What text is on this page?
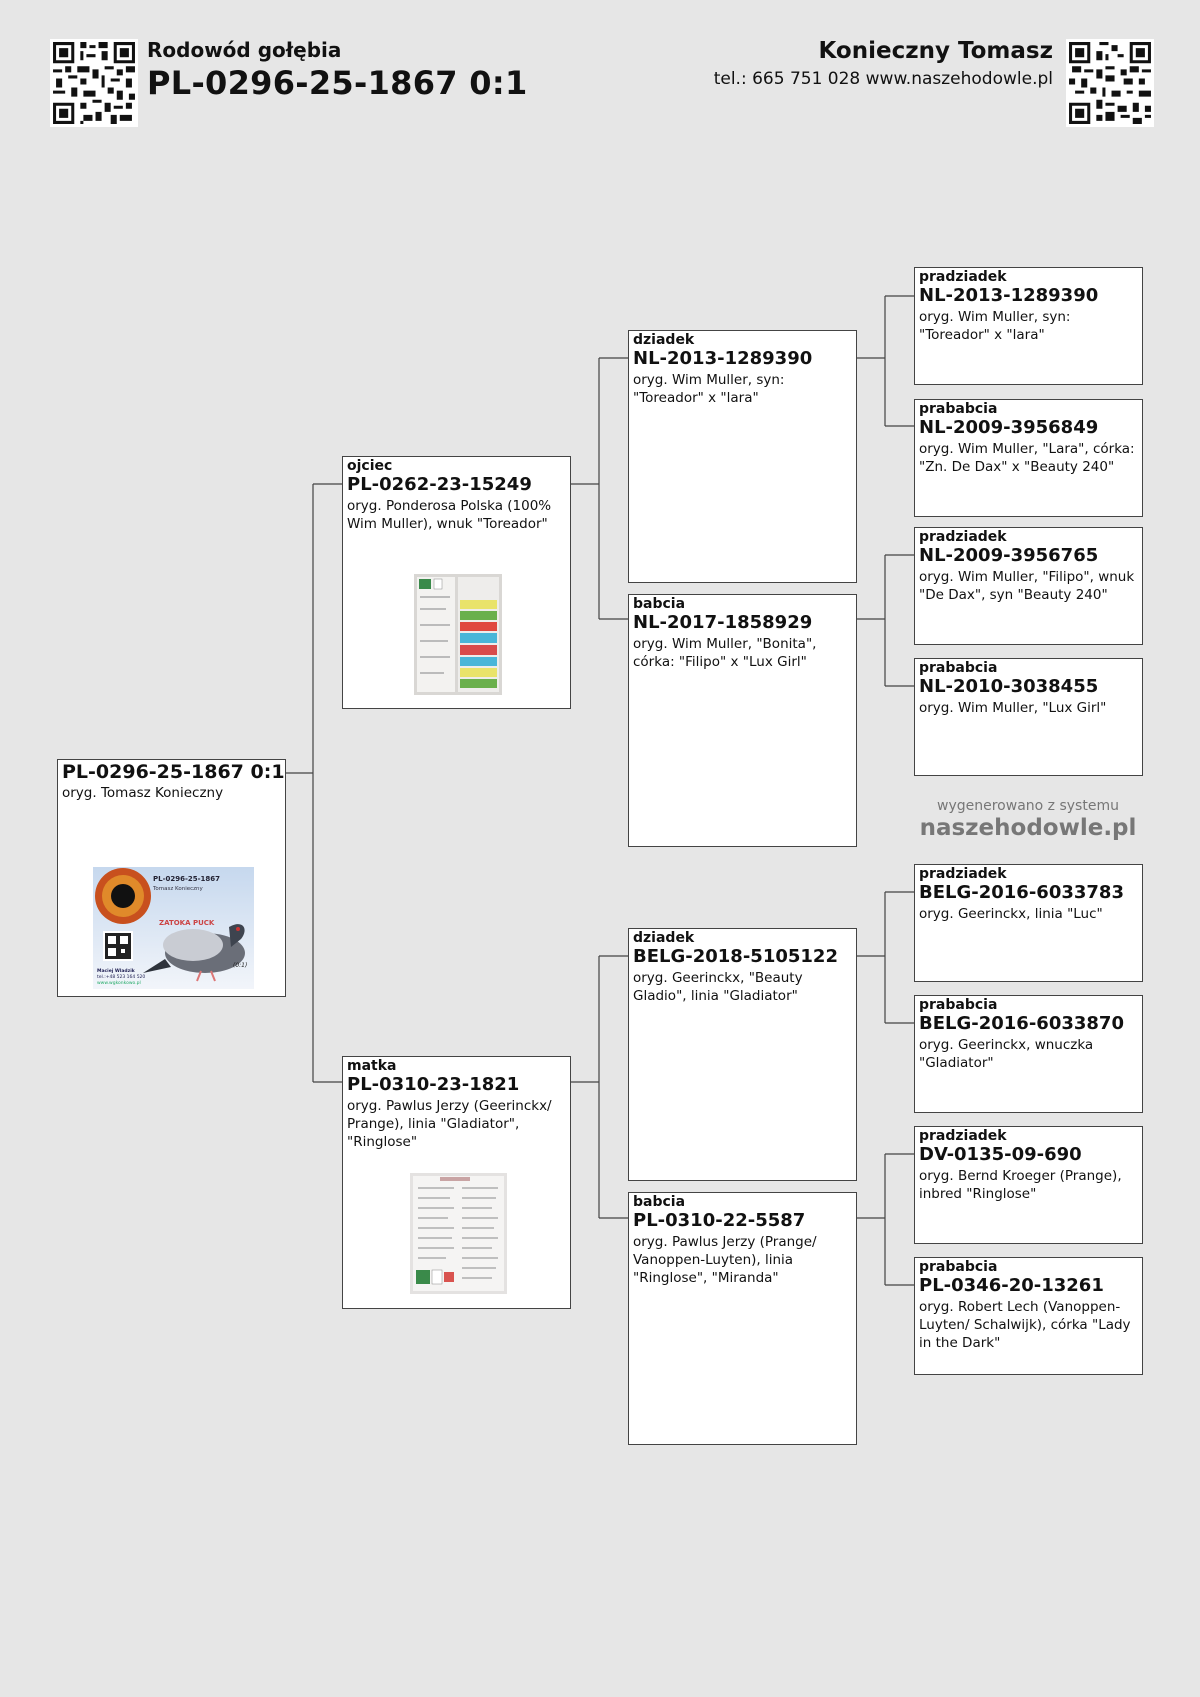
Rodowód gołębia
PL-0296-25-1867 0:1
Konieczny Tomasz
tel.: 665 751 028 www.naszehodowle.pl
PL-0296-25-1867 0:1
oryg. Tomasz Konieczny
PL-0296-25-1867
Tomasz Konieczny
ZATOKA PUCK
(0:1)
Maciej Wladzik
tel.:+48 523 164 520
www.wgkonkowo.pl
ojciec
PL-0262-23-15249
oryg. Ponderosa Polska (100% Wim Muller), wnuk "Toreador"
matka
PL-0310-23-1821
oryg. Pawlus Jerzy (Geerinckx/ Prange), linia "Gladiator", "Ringlose"
dziadek
NL-2013-1289390
oryg. Wim Muller, syn: "Toreador" x "lara"
babcia
NL-2017-1858929
oryg. Wim Muller, "Bonita", córka: "Filipo" x "Lux Girl"
dziadek
BELG-2018-5105122
oryg. Geerinckx, "Beauty Gladio", linia "Gladiator"
babcia
PL-0310-22-5587
oryg. Pawlus Jerzy (Prange/ Vanoppen-Luyten), linia "Ringlose", "Miranda"
pradziadek
NL-2013-1289390
oryg. Wim Muller, syn: "Toreador" x "lara"
prababcia
NL-2009-3956849
oryg. Wim Muller, "Lara", córka: "Zn. De Dax" x "Beauty 240"
pradziadek
NL-2009-3956765
oryg. Wim Muller, "Filipo", wnuk "De Dax", syn "Beauty 240"
prababcia
NL-2010-3038455
oryg. Wim Muller, "Lux Girl"
wygenerowano z systemu
naszehodowle.pl
pradziadek
BELG-2016-6033783
oryg. Geerinckx, linia "Luc"
prababcia
BELG-2016-6033870
oryg. Geerinckx, wnuczka "Gladiator"
pradziadek
DV-0135-09-690
oryg. Bernd Kroeger (Prange), inbred "Ringlose"
prababcia
PL-0346-20-13261
oryg. Robert Lech (Vanoppen-Luyten/ Schalwijk), córka "Lady in the Dark"
